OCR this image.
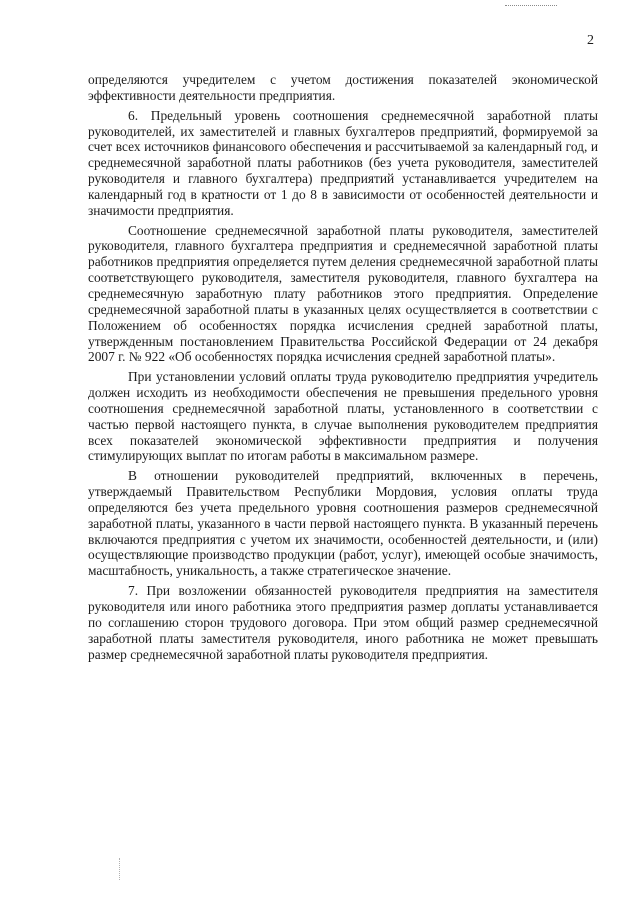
2

определяются учредителем с учетом достижения показателей экономической эффективности деятельности предприятия.

6. Предельный уровень соотношения среднемесячной заработной платы руководителей, их заместителей и главных бухгалтеров предприятий, формируемой за счет всех источников финансового обеспечения и рассчитываемой за календарный год, и среднемесячной заработной платы работников (без учета руководителя, заместителей руководителя и главного бухгалтера) предприятий устанавливается учредителем на календарный год в кратности от 1 до 8 в зависимости от особенностей деятельности и значимости предприятия.

Соотношение среднемесячной заработной платы руководителя, заместителей руководителя, главного бухгалтера предприятия и среднемесячной заработной платы работников предприятия определяется путем деления среднемесячной заработной платы соответствующего руководителя, заместителя руководителя, главного бухгалтера на среднемесячную заработную плату работников этого предприятия. Определение среднемесячной заработной платы в указанных целях осуществляется в соответствии с Положением об особенностях порядка исчисления средней заработной платы, утвержденным постановлением Правительства Российской Федерации от 24 декабря 2007 г. № 922 «Об особенностях порядка исчисления средней заработной платы».

При установлении условий оплаты труда руководителю предприятия учредитель должен исходить из необходимости обеспечения не превышения предельного уровня соотношения среднемесячной заработной платы, установленного в соответствии с частью первой настоящего пункта, в случае выполнения руководителем предприятия всех показателей экономической эффективности предприятия и получения стимулирующих выплат по итогам работы в максимальном размере.

В отношении руководителей предприятий, включенных в перечень, утверждаемый Правительством Республики Мордовия, условия оплаты труда определяются без учета предельного уровня соотношения размеров среднемесячной заработной платы, указанного в части первой настоящего пункта. В указанный перечень включаются предприятия с учетом их значимости, особенностей деятельности, и (или) осуществляющие производство продукции (работ, услуг), имеющей особые значимость, масштабность, уникальность, а также стратегическое значение.

7. При возложении обязанностей руководителя предприятия на заместителя руководителя или иного работника этого предприятия размер доплаты устанавливается по соглашению сторон трудового договора. При этом общий размер среднемесячной заработной платы заместителя руководителя, иного работника не может превышать размер среднемесячной заработной платы руководителя предприятия.
